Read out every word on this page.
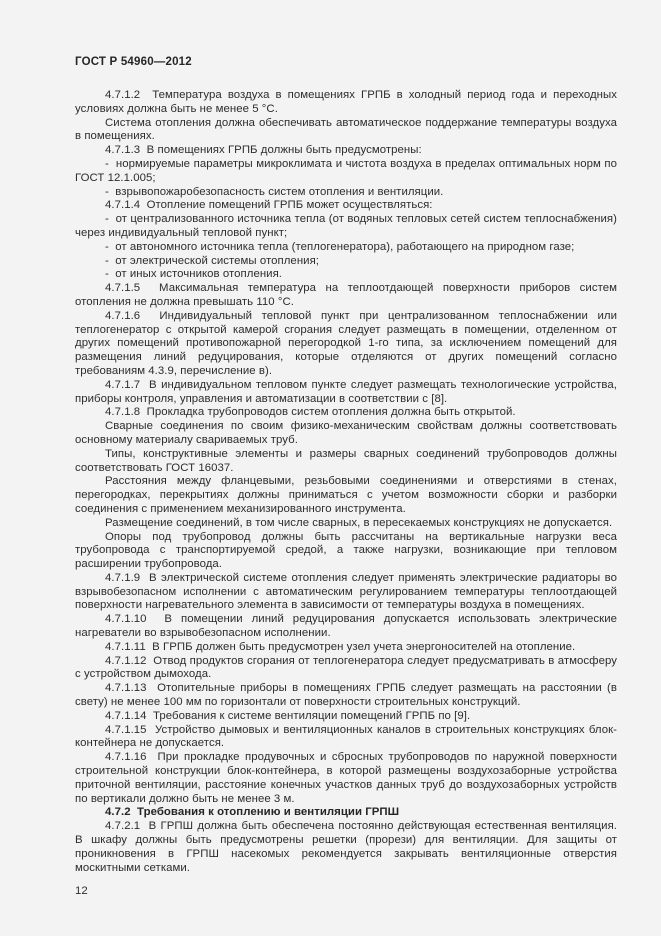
ГОСТ Р 54960—2012

4.7.1.2  Температура воздуха в помещениях ГРПБ в холодный период года и переходных условиях должна быть не менее 5 °С.

Система отопления должна обеспечивать автоматическое поддержание температуры воздуха в помещениях.

4.7.1.3  В помещениях ГРПБ должны быть предусмотрены:

-  нормируемые параметры микроклимата и чистота воздуха в пределах оптимальных норм по ГОСТ 12.1.005;

-  взрывопожаробезопасность систем отопления и вентиляции.

4.7.1.4  Отопление помещений ГРПБ может осуществляться:

-  от централизованного источника тепла (от водяных тепловых сетей систем теплоснабжения) через индивидуальный тепловой пункт;

-  от автономного источника тепла (теплогенератора), работающего на природном газе;

-  от электрической системы отопления;

-  от иных источников отопления.

4.7.1.5  Максимальная температура на теплоотдающей поверхности приборов систем отопления не должна превышать 110 °С.

4.7.1.6  Индивидуальный тепловой пункт при централизованном теплоснабжении или теплогенератор с открытой камерой сгорания следует размещать в помещении, отделенном от других помещений противопожарной перегородкой 1-го типа, за исключением помещений для размещения линий редуцирования, которые отделяются от других помещений согласно требованиям 4.3.9, перечисление в).

4.7.1.7  В индивидуальном тепловом пункте следует размещать технологические устройства, приборы контроля, управления и автоматизации в соответствии с [8].

4.7.1.8  Прокладка трубопроводов систем отопления должна быть открытой.

Сварные соединения по своим физико-механическим свойствам должны соответствовать основному материалу свариваемых труб.

Типы, конструктивные элементы и размеры сварных соединений трубопроводов должны соответствовать ГОСТ 16037.

Расстояния между фланцевыми, резьбовыми соединениями и отверстиями в стенах, перегородках, перекрытиях должны приниматься с учетом возможности сборки и разборки соединения с применением механизированного инструмента.

Размещение соединений, в том числе сварных, в пересекаемых конструкциях не допускается.

Опоры под трубопровод должны быть рассчитаны на вертикальные нагрузки веса трубопровода с транспортируемой средой, а также нагрузки, возникающие при тепловом расширении трубопровода.

4.7.1.9  В электрической системе отопления следует применять электрические радиаторы во взрывобезопасном исполнении с автоматическим регулированием температуры теплоотдающей поверхности нагревательного элемента в зависимости от температуры воздуха в помещениях.

4.7.1.10  В помещении линий редуцирования допускается использовать электрические нагреватели во взрывобезопасном исполнении.

4.7.1.11  В ГРПБ должен быть предусмотрен узел учета энергоносителей на отопление.

4.7.1.12  Отвод продуктов сгорания от теплогенератора следует предусматривать в атмосферу с устройством дымохода.

4.7.1.13  Отопительные приборы в помещениях ГРПБ следует размещать на расстоянии (в свету) не менее 100 мм по горизонтали от поверхности строительных конструкций.

4.7.1.14  Требования к системе вентиляции помещений ГРПБ по [9].

4.7.1.15  Устройство дымовых и вентиляционных каналов в строительных конструкциях блок-контейнера не допускается.

4.7.1.16  При прокладке продувочных и сбросных трубопроводов по наружной поверхности строительной конструкции блок-контейнера, в которой размещены воздухозаборные устройства приточной вентиляции, расстояние конечных участков данных труб до воздухозаборных устройств по вертикали должно быть не менее 3 м.

4.7.2  Требования к отоплению и вентиляции ГРПШ

4.7.2.1  В ГРПШ должна быть обеспечена постоянно действующая естественная вентиляция. В шкафу должны быть предусмотрены решетки (прорези) для вентиляции. Для защиты от проникновения в ГРПШ насекомых рекомендуется закрывать вентиляционные отверстия москитными сетками.

12
